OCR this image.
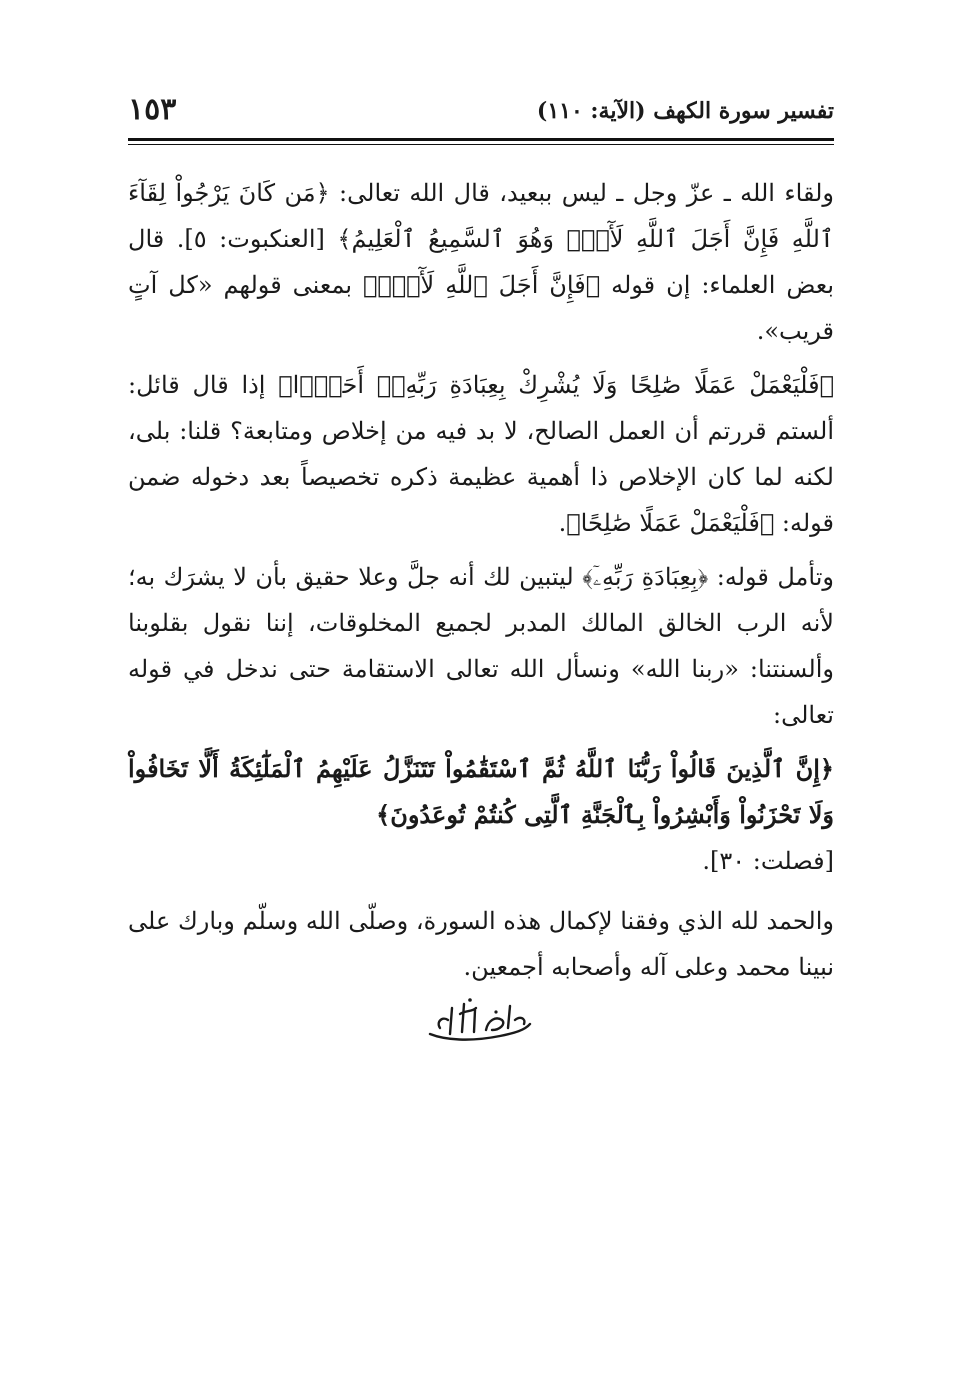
تفسير سورة الكهف (الآية: ١١٠)
١٥٣

ولقاء الله ـ عزّ وجل ـ ليس ببعيد، قال الله تعالى: ﴿مَن كَانَ يَرْجُواْ لِقَآءَ ٱللَّهِ فَإِنَّ أَجَلَ ٱللَّهِ لَأٓتٍۚ وَهُوَ ٱلسَّمِيعُ ٱلْعَلِيمُ﴾ [العنكبوت: ٥]. قال بعض العلماء: إن قوله ﴿فَإِنَّ أَجَلَ ٱللَّهِ لَأٓتٍۚ﴾ بمعنى قولهم «كل آتٍ قريب».

﴿فَلْيَعْمَلْ عَمَلًا صَٰلِحًا وَلَا يُشْرِكْ بِعِبَادَةِ رَبِّهِۦٓ أَحَدًۢا﴾ إذا قال قائل: ألستم قررتم أن العمل الصالح، لا بد فيه من إخلاص ومتابعة؟ قلنا: بلى، لكنه لما كان الإخلاص ذا أهمية عظيمة ذكره تخصيصاً بعد دخوله ضمن قوله: ﴿فَلْيَعْمَلْ عَمَلًا صَٰلِحًا﴾.

وتأمل قوله: ﴿بِعِبَادَةِ رَبِّهِۦٓ﴾ ليتبين لك أنه جلَّ وعلا حقيق بأن لا يشرَك به؛ لأنه الرب الخالق المالك المدبر لجميع المخلوقات، إننا نقول بقلوبنا وألسنتنا: «ربنا الله» ونسأل الله تعالى الاستقامة حتى ندخل في قوله تعالى:

﴿إِنَّ ٱلَّذِينَ قَالُواْ رَبُّنَا ٱللَّهُ ثُمَّ ٱسْتَقَٰمُواْ تَتَنَزَّلُ عَلَيْهِمُ ٱلْمَلَٰٓئِكَةُ أَلَّا تَخَافُواْ وَلَا تَحْزَنُواْ وَأَبْشِرُواْ بِٱلْجَنَّةِ ٱلَّتِى كُنتُمْ تُوعَدُونَ﴾

[فصلت: ٣٠].

والحمد لله الذي وفقنا لإكمال هذه السورة، وصلّى الله وسلّم وبارك على نبينا محمد وعلى آله وأصحابه أجمعين.
